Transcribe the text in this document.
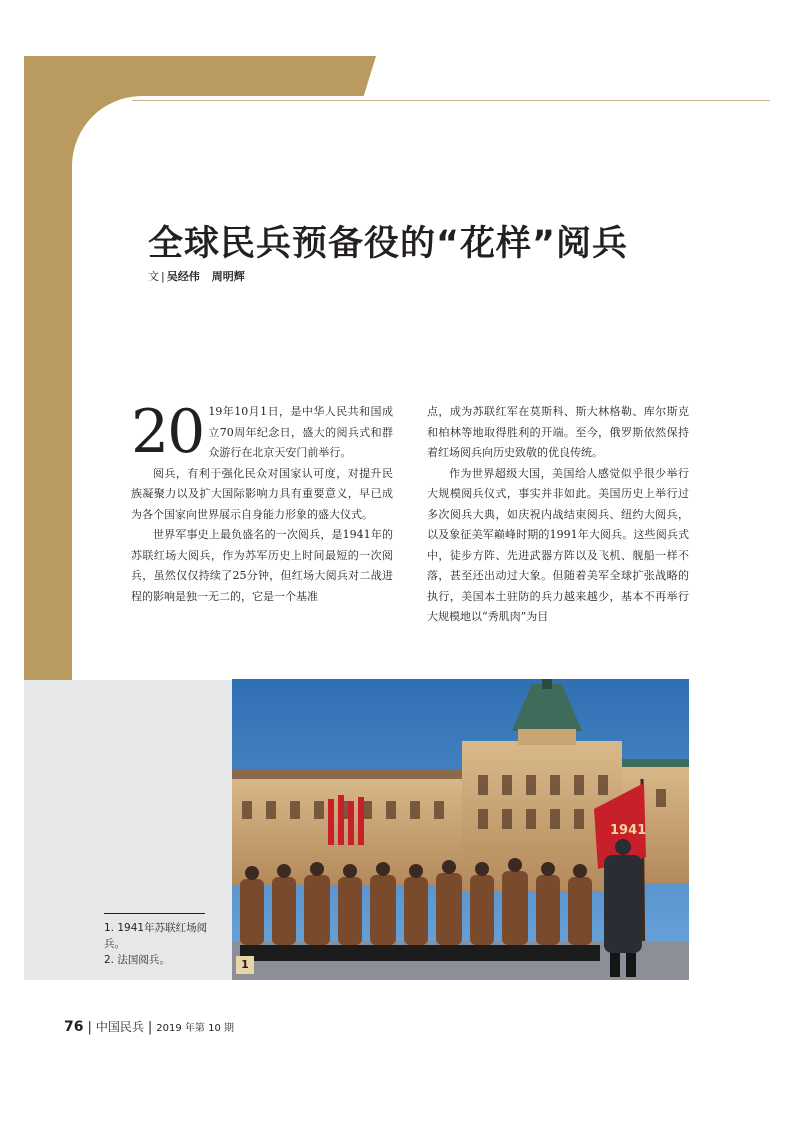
全球民兵预备役的“花样”阅兵
文 | 吴经伟 周明辉

20 19年10月1日，是中华人民共和国成立70周年纪念日，盛大的阅兵式和群众游行在北京天安门前举行。

阅兵，有利于强化民众对国家认可度，对提升民族凝聚力以及扩大国际影响力具有重要意义，早已成为各个国家向世界展示自身能力形象的盛大仪式。

世界军事史上最负盛名的一次阅兵，是1941年的苏联红场大阅兵，作为苏军历史上时间最短的一次阅兵，虽然仅仅持续了25分钟，但红场大阅兵对二战进程的影响是独一无二的，它是一个基准

点，成为苏联红军在莫斯科、斯大林格勒、库尔斯克和柏林等地取得胜利的开端。至今，俄罗斯依然保持着红场阅兵向历史致敬的优良传统。

作为世界超级大国，美国给人感觉似乎很少举行大规模阅兵仪式，事实并非如此。美国历史上举行过多次阅兵大典，如庆祝内战结束阅兵、纽约大阅兵，以及象征美军巅峰时期的1991年大阅兵。这些阅兵式中，徒步方阵、先进武器方阵以及飞机、舰船一样不落，甚至还出动过大象。但随着美军全球扩张战略的执行，美国本土驻防的兵力越来越少，基本不再举行大规模地以“秀肌肉”为目

1. 1941年苏联红场阅兵。
2. 法国阅兵。
1941
1
76 | 中国民兵 | 2019 年第 10 期
